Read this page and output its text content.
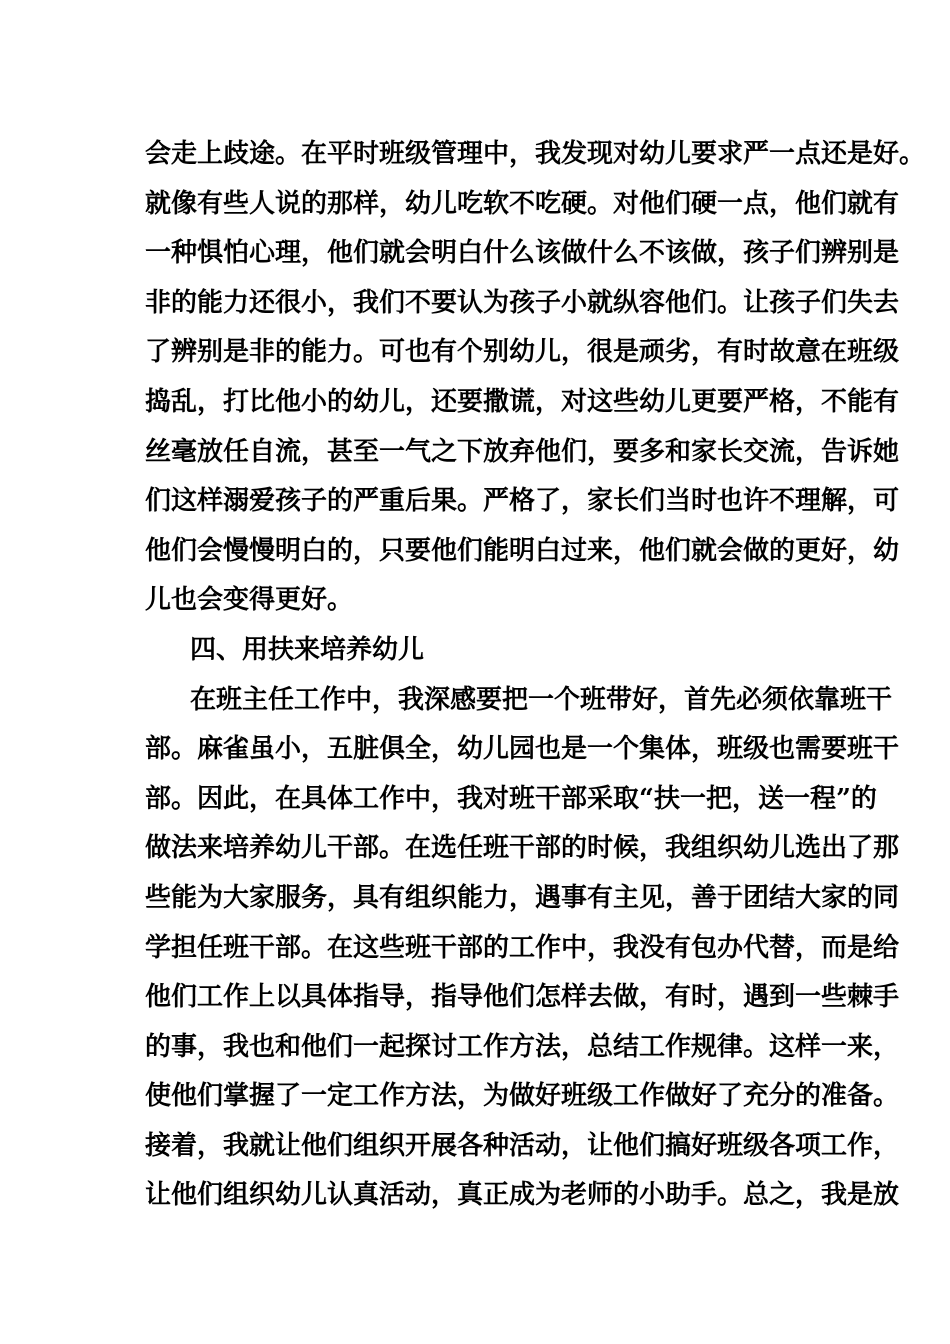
会走上歧途。在平时班级管理中，我发现对幼儿要求严一点还是好。
就像有些人说的那样，幼儿吃软不吃硬。对他们硬一点，他们就有
一种惧怕心理，他们就会明白什么该做什么不该做，孩子们辨别是
非的能力还很小，我们不要认为孩子小就纵容他们。让孩子们失去
了辨别是非的能力。可也有个别幼儿，很是顽劣，有时故意在班级
捣乱，打比他小的幼儿，还要撒谎，对这些幼儿更要严格，不能有
丝毫放任自流，甚至一气之下放弃他们，要多和家长交流，告诉她
们这样溺爱孩子的严重后果。严格了，家长们当时也许不理解，可
他们会慢慢明白的，只要他们能明白过来，他们就会做的更好，幼
儿也会变得更好。
四、用扶来培养幼儿
在班主任工作中，我深感要把一个班带好，首先必须依靠班干
部。麻雀虽小，五脏俱全，幼儿园也是一个集体，班级也需要班干
部。因此，在具体工作中，我对班干部采取“扶一把，送一程”的
做法来培养幼儿干部。在选任班干部的时候，我组织幼儿选出了那
些能为大家服务，具有组织能力，遇事有主见，善于团结大家的同
学担任班干部。在这些班干部的工作中，我没有包办代替，而是给
他们工作上以具体指导，指导他们怎样去做，有时，遇到一些棘手
的事，我也和他们一起探讨工作方法，总结工作规律。这样一来，
使他们掌握了一定工作方法，为做好班级工作做好了充分的准备。
接着，我就让他们组织开展各种活动，让他们搞好班级各项工作，
让他们组织幼儿认真活动，真正成为老师的小助手。总之，我是放
